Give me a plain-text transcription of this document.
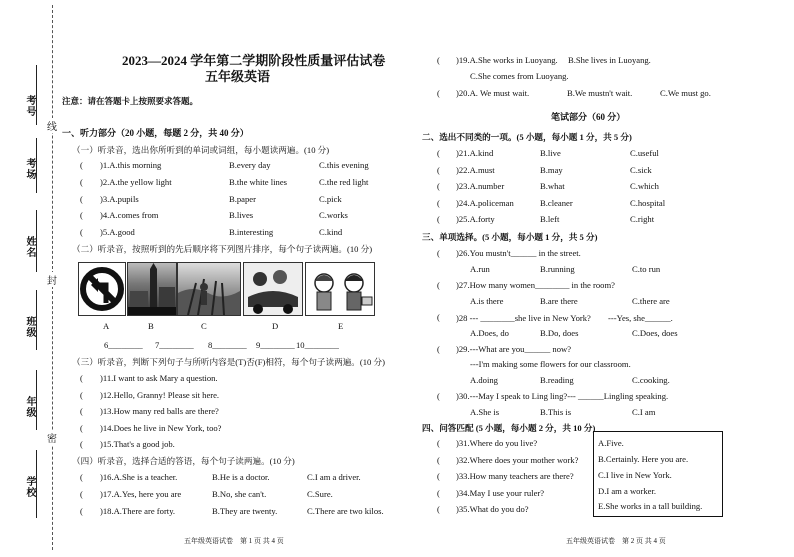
考号
考场
姓名
班级
年级
学校
线
封
密
2023—2024 学年第二学期阶段性质量评估试卷
五年级英语
注意：请在答题卡上按照要求答题。
一、听力部分（20 小题，每题 2 分，共 40 分）
（一）听录音，选出你所听到的单词或词组，每小题读两遍。(10 分)
( )1.A.this morning	B.every day	C.this evening
( )2.A.the yellow light	B.the white lines	C.the red light
( )3.A.pupils	B.paper	C.pick
( )4.A.comes from	B.lives	C.works
( )5.A.good	B.interesting	C.kind
（二）听录音，按照听到的先后顺序将下列图片排序，每个句子读两遍。(10 分)
A	B	C	D	E
6________ 7________ 8________ 9________ 10________
（三）听录音，判断下列句子与所听内容是(T)否(F)相符，每个句子读两遍。(10 分)
( )11.I want to ask Mary a question.
( )12.Hello, Granny! Please sit here.
( )13.How many red balls are there?
( )14.Does he live in New York, too?
( )15.That's a good job.
（四）听录音，选择合适的答语，每个句子读两遍。(10 分)
( )16.A.She is a teacher.	B.He is a doctor.	C.I am a driver.
( )17.A.Yes, here you are	B.No, she can't.	C.Sure.
( )18.A.There are forty.	B.They are twenty.	C.There are two kilos.
五年级英语试卷　第 1 页 共 4 页
( )19.A.She works in Luoyang. B.She lives in Luoyang.
C.She comes from Luoyang.
( )20.A. We must wait.	B.We mustn't wait.	C.We must go.
笔试部分（60 分）
二、选出不同类的一项。(5 小题，每小题 1 分，共 5 分)
( )21.A.kind	B.live	C.useful
( )22.A.must	B.may	C.sick
( )23.A.number	B.what	C.which
( )24.A.policeman	B.cleaner	C.hospital
( )25.A.forty	B.left	C.right
三、单项选择。(5 小题，每小题 1 分，共 5 分)
( )26.You mustn't______ in the street.
A.run	B.running	C.to run
( )27.How many women________ in the room?
A.is there	B.are there	C.there are
( )28 --- ________she live in New York?　　---Yes, she______.
A.Does, do	B.Do, does	C.Does, does
( )29.---What are you______ now?
---I'm making some flowers for our classroom.
A.doing	B.reading	C.cooking.
( )30.---May I speak to Ling ling?--- ______Lingling speaking.
A.She is	B.This is	C.I am
四、问答匹配 (5 小题，每小题 2 分，共 10 分)
( )31.Where do you live?
( )32.Where does your mother work?
( )33.How many teachers are there?
( )34.May I use your ruler?
( )35.What do you do?
A.Five.
B.Certainly. Here you are.
C.I live in New York.
D.I am a worker.
E.She works in a tall building.
五年级英语试卷　第 2 页 共 4 页
